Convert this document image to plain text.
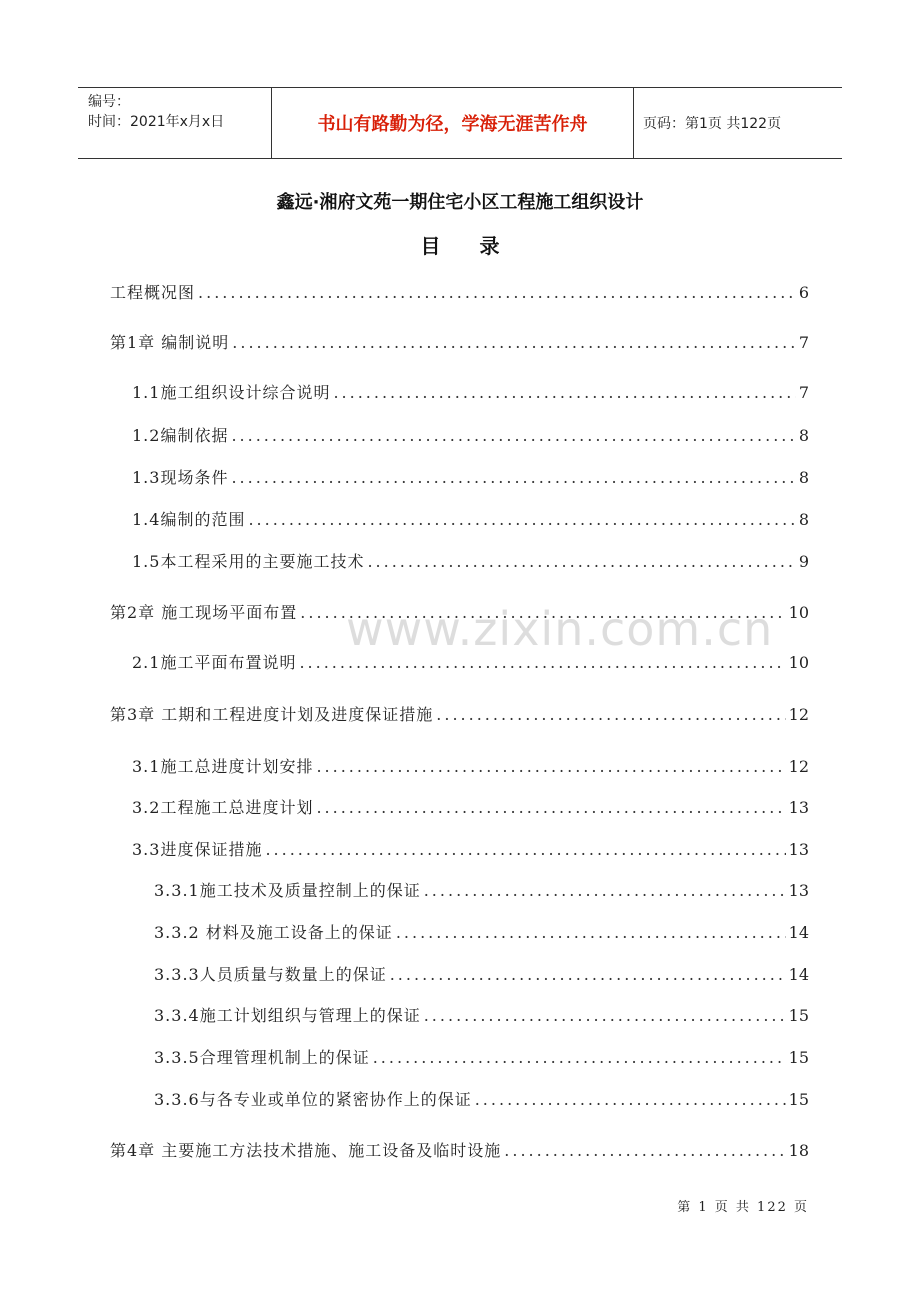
编号：
时间：2021年x月x日	书山有路勤为径，学海无涯苦作舟	页码：第1页 共122页
鑫远·湘府文苑一期住宅小区工程施工组织设计
目 录
工程概况图 .....	6
第1章 编制说明 .....	7
1.1施工组织设计综合说明 .....	7
1.2编制依据 .....	8
1.3现场条件 .....	8
1.4编制的范围 .....	8
1.5本工程采用的主要施工技术 .....	9
第2章 施工现场平面布置 .....	10
2.1施工平面布置说明 .....	10
第3章 工期和工程进度计划及进度保证措施 .....	12
3.1施工总进度计划安排 .....	12
3.2工程施工总进度计划 .....	13
3.3进度保证措施 .....	13
3.3.1施工技术及质量控制上的保证 .....	13
3.3.2 材料及施工设备上的保证 .....	14
3.3.3人员质量与数量上的保证 .....	14
3.3.4施工计划组织与管理上的保证 .....	15
3.3.5合理管理机制上的保证 .....	15
3.3.6与各专业或单位的紧密协作上的保证 .....	15
第4章 主要施工方法技术措施、施工设备及临时设施 .....	18
www.zixin.com.cn
第 1 页 共 122 页
